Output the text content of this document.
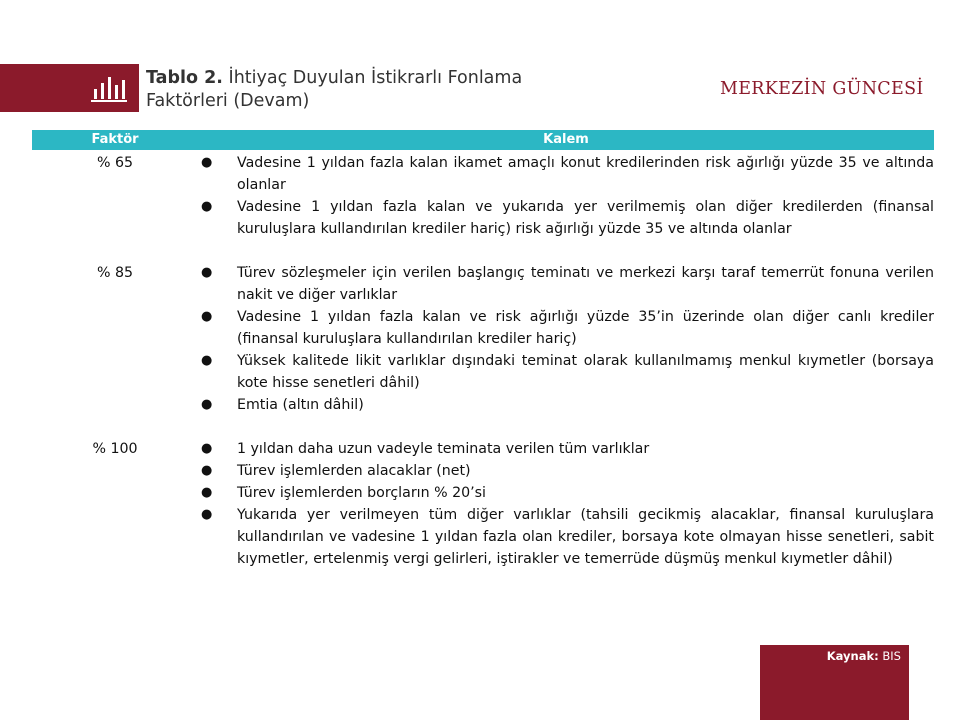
Tablo 2. İhtiyaç Duyulan İstikrarlı Fonlama
Faktörleri (Devam)
MERKEZİN GÜNCESİ
Faktör	Kalem
% 65	● Vadesine 1 yıldan fazla kalan ikamet amaçlı konut kredilerinden risk ağırlığı yüzde 35 ve altında olanlar
● Vadesine 1 yıldan fazla kalan ve yukarıda yer verilmemiş olan diğer kredilerden (finansal kuruluşlara kullandırılan krediler hariç) risk ağırlığı yüzde 35 ve altında olanlar
% 85	● Türev sözleşmeler için verilen başlangıç teminatı ve merkezi karşı taraf temerrüt fonuna verilen nakit ve diğer varlıklar
● Vadesine 1 yıldan fazla kalan ve risk ağırlığı yüzde 35’in üzerinde olan diğer canlı krediler (finansal kuruluşlara kullandırılan krediler hariç)
● Yüksek kalitede likit varlıklar dışındaki teminat olarak kullanılmamış menkul kıymetler (borsaya kote hisse senetleri dâhil)
● Emtia (altın dâhil)
% 100	● 1 yıldan daha uzun vadeyle teminata verilen tüm varlıklar
● Türev işlemlerden alacaklar (net)
● Türev işlemlerden borçların % 20’si
● Yukarıda yer verilmeyen tüm diğer varlıklar (tahsili gecikmiş alacaklar, finansal kuruluşlara kullandırılan ve vadesine 1 yıldan fazla olan krediler, borsaya kote olmayan hisse senetleri, sabit kıymetler, ertelenmiş vergi gelirleri, iştirakler ve temerrüde düşmüş menkul kıymetler dâhil)
Kaynak: BIS
